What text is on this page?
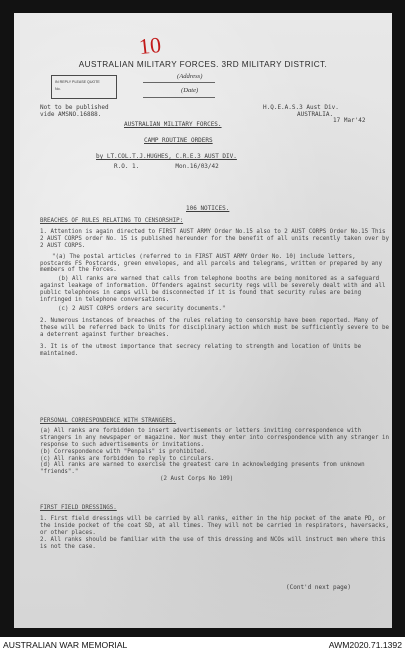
10
AUSTRALIAN MILITARY FORCES. 3RD MILITARY DISTRICT.
IN REPLY PLEASE QUOTE
No.
(Address)
(Date)
Not to be published
vide AMSNO.16888.
H.Q.E.A.S.3 Aust Div.
AUSTRALIA.
17 Mar'42
AUSTRALIAN MILITARY FORCES.
CAMP ROUTINE ORDERS
by LT.COL.T.J.HUGHES, C.R.E.3 AUST DIV.
R.O. 1.          Mon.16/03/42
106 NOTICES.

BREACHES OF RULES RELATING TO CENSORSHIP:

1. Attention is again directed to FIRST AUST ARMY Order No.15 also to 2 AUST CORPS Order No.15 This 2 AUST CORPS order No. 15 is published hereunder for the benefit of all units recently taken over by 2 AUST CORPS.

"(a) The postal articles (referred to in FIRST AUST ARMY Order No. 10) include letters, postcards FS Postcards, green envelopes, and all parcels and telegrams, written or prepared by any members of the Forces.

(b) All ranks are warned that calls from telephone booths are being monitored as a safeguard against leakage of information. Offenders against security regs will be severely dealt with and all public telephones in camps will be disconnected if it is found that security rules are being infringed in telephone conversations.

(c) 2 AUST CORPS orders are security documents."

2. Numerous instances of breaches of the rules relating to censorship have been reported. Many of these will be referred back to Units for disciplinary action which must be sufficiently severe to be a deterrent against further breaches.

3. It is of the utmost importance that secrecy relating to strength and location of Units be maintained.

PERSONAL CORRESPONDENCE WITH STRANGERS.

(a) All ranks are forbidden to insert advertisements or letters inviting correspondence with strangers in any newspaper or magazine. Nor must they enter into correspondence with any stranger in response to such advertisements or invitations.

(b) Correspondence with "Penpals" is prohibited.

(c) All ranks are forbidden to reply to circulars.

(d) All ranks are warned to exercise the greatest care in acknowledging presents from unknown "friends"."

(2 Aust Corps No 109)

FIRST FIELD DRESSINGS.

1. First field dressings will be carried by all ranks, either in the hip pocket of the amate PD, or the inside pocket of the coat SD, at all times. They will not be carried in respirators, haversacks, or other places.

2. All ranks should be familiar with the use of this dressing and NCOs will instruct men where this is not the case.

(Cont'd next page)
AUSTRALIAN WAR MEMORIAL	AWM2020.71.1392
